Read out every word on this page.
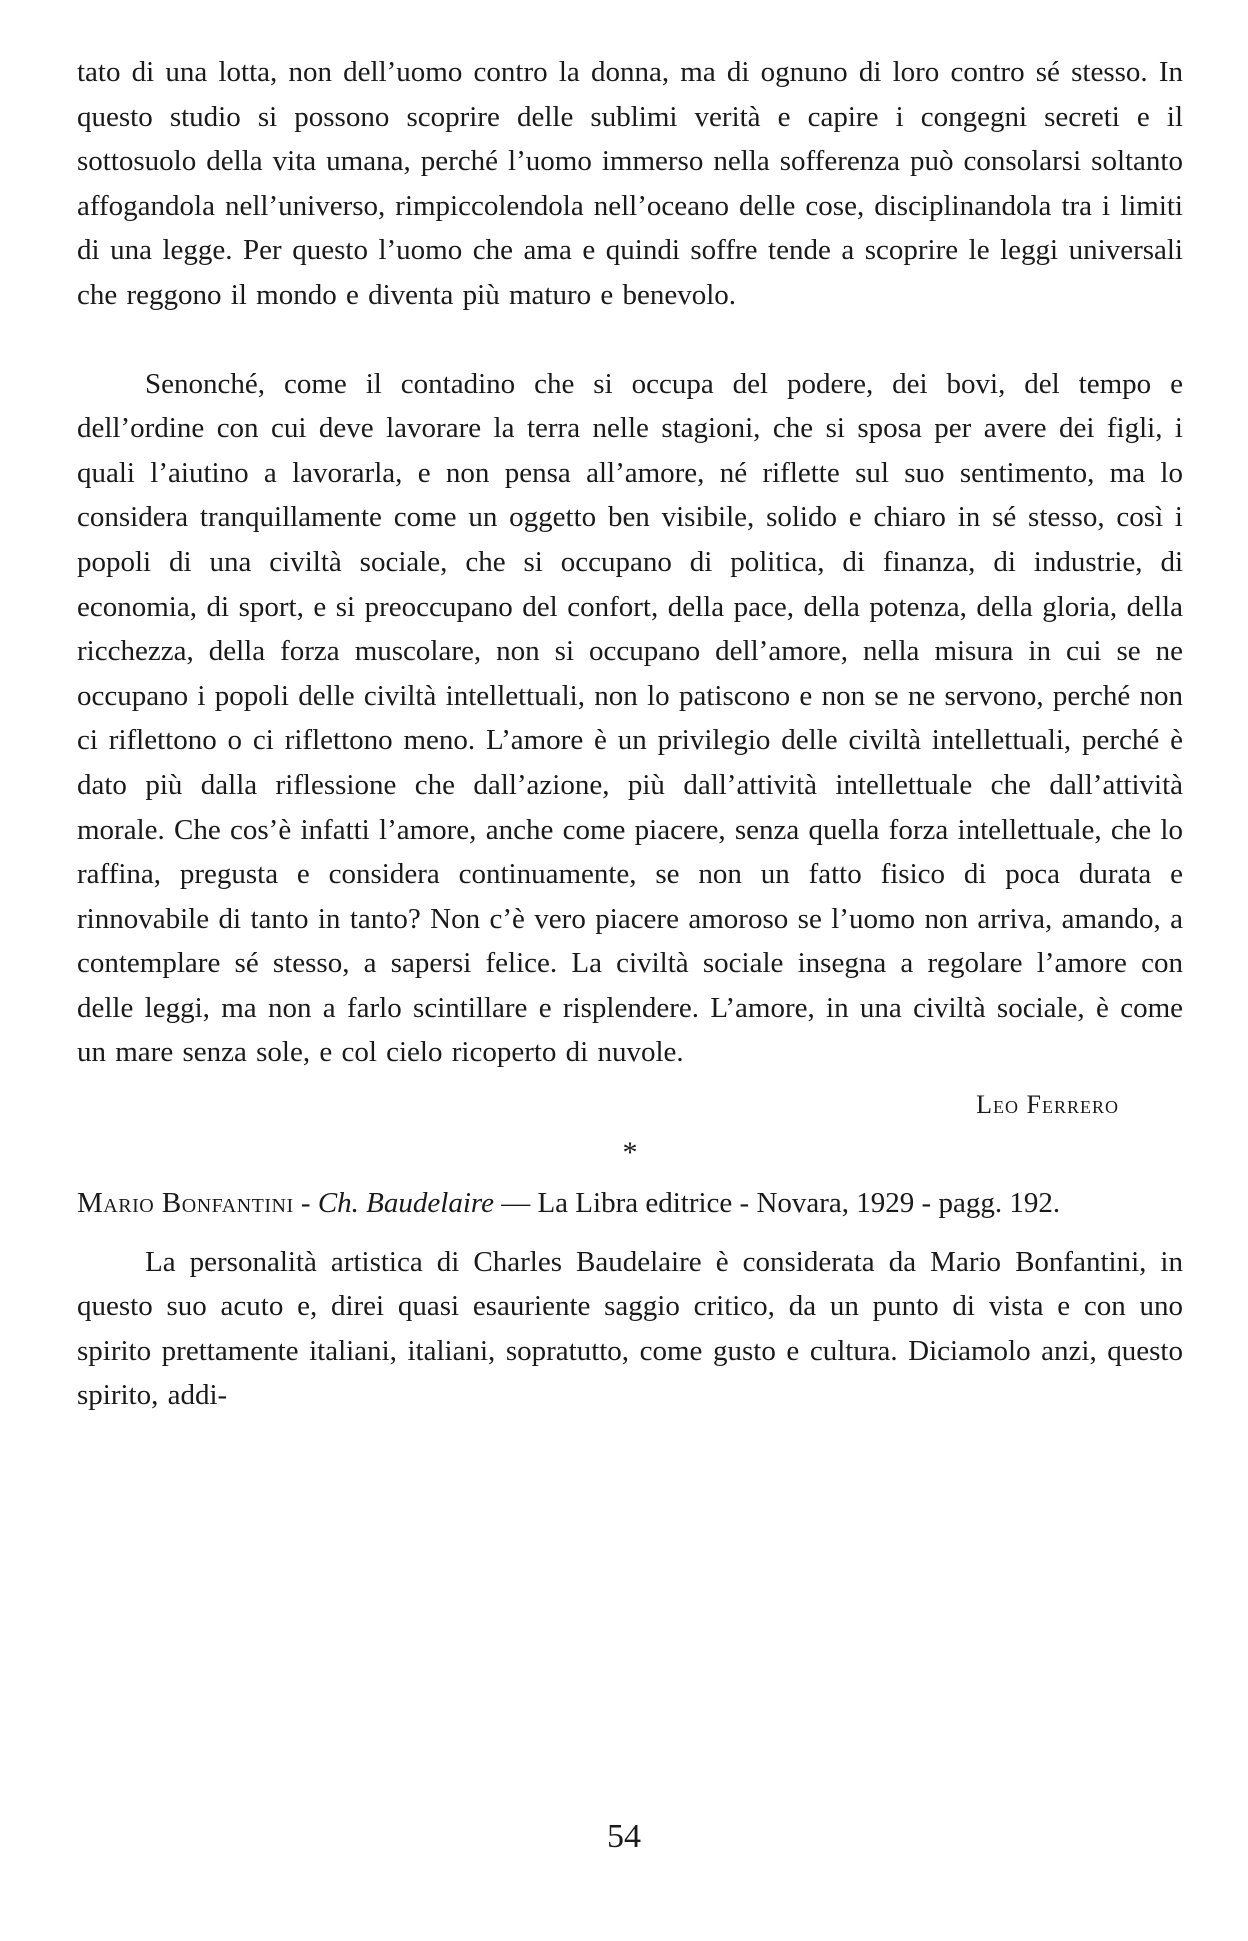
tato di una lotta, non dell’uomo contro la donna, ma di ognuno di loro contro sé stesso. In questo studio si possono scoprire delle sublimi verità e capire i congegni secreti e il sottosuolo della vita umana, perché l’uomo immerso nella sofferenza può consolarsi soltanto affogandola nell’universo, rimpiccolendola nell’oceano delle cose, disciplinandola tra i limiti di una legge. Per questo l’uomo che ama e quindi soffre tende a scoprire le leggi universali che reggono il mondo e diventa più maturo e benevolo.

Senonché, come il contadino che si occupa del podere, dei bovi, del tempo e dell’ordine con cui deve lavorare la terra nelle stagioni, che si sposa per avere dei figli, i quali l’aiutino a lavorarla, e non pensa all’amore, né riflette sul suo sentimento, ma lo considera tranquillamente come un oggetto ben visibile, solido e chiaro in sé stesso, così i popoli di una civiltà sociale, che si occupano di politica, di finanza, di industrie, di economia, di sport, e si preoccupano del confort, della pace, della potenza, della gloria, della ricchezza, della forza muscolare, non si occupano dell’amore, nella misura in cui se ne occupano i popoli delle civiltà intellettuali, non lo patiscono e non se ne servono, perché non ci riflettono o ci riflettono meno. L’amore è un privilegio delle civiltà intellettuali, perché è dato più dalla riflessione che dall’azione, più dall’attività intellettuale che dall’attività morale. Che cos’è infatti l’amore, anche come piacere, senza quella forza intellettuale, che lo raffina, pregusta e considera continuamente, se non un fatto fisico di poca durata e rinnovabile di tanto in tanto? Non c’è vero piacere amoroso se l’uomo non arriva, amando, a contemplare sé stesso, a sapersi felice. La civiltà sociale insegna a regolare l’amore con delle leggi, ma non a farlo scintillare e risplendere. L’amore, in una civiltà sociale, è come un mare senza sole, e col cielo ricoperto di nuvole.

Leo Ferrero
*

Mario Bonfantini - Ch. Baudelaire — La Libra editrice - Novara, 1929 - pagg. 192.

La personalità artistica di Charles Baudelaire è considerata da Mario Bonfantini, in questo suo acuto e, direi quasi esauriente saggio critico, da un punto di vista e con uno spirito prettamente italiani, italiani, sopratutto, come gusto e cultura. Diciamolo anzi, questo spirito, addi-

54
